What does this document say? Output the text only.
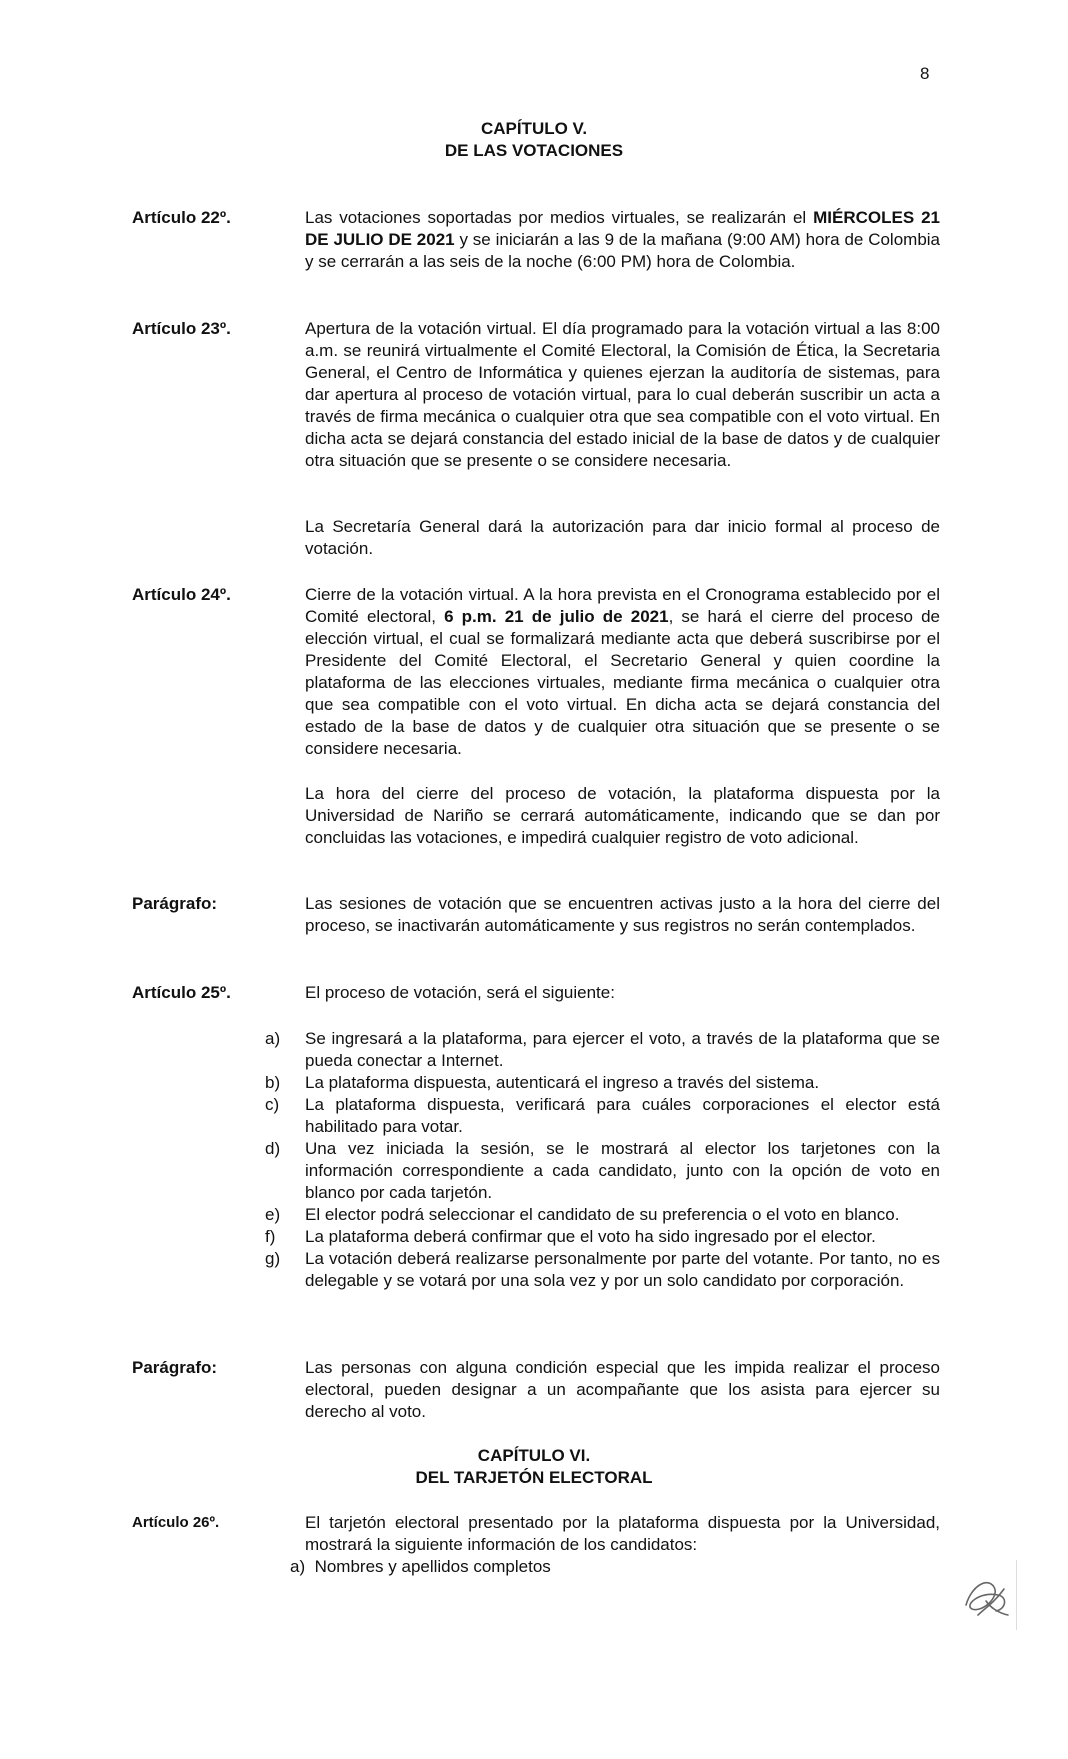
8
CAPÍTULO V.
DE LAS VOTACIONES
Artículo 22º.	Las votaciones soportadas por medios virtuales, se realizarán el MIÉRCOLES 21 DE JULIO DE 2021 y se iniciarán a las 9 de la mañana (9:00 AM) hora de Colombia y se cerrarán a las seis de la noche (6:00 PM) hora de Colombia.
Artículo 23º.	Apertura de la votación virtual. El día programado para la votación virtual a las 8:00 a.m. se reunirá virtualmente el Comité Electoral, la Comisión de Ética, la Secretaria General, el Centro de Informática y quienes ejerzan la auditoría de sistemas, para dar apertura al proceso de votación virtual, para lo cual deberán suscribir un acta a través de firma mecánica o cualquier otra que sea compatible con el voto virtual. En dicha acta se dejará constancia del estado inicial de la base de datos y de cualquier otra situación que se presente o se considere necesaria.
La Secretaría General dará la autorización para dar inicio formal al proceso de votación.
Artículo 24º.	Cierre de la votación virtual. A la hora prevista en el Cronograma establecido por el Comité electoral, 6 p.m. 21 de julio de 2021, se hará el cierre del proceso de elección virtual, el cual se formalizará mediante acta que deberá suscribirse por el Presidente del Comité Electoral, el Secretario General y quien coordine la plataforma de las elecciones virtuales, mediante firma mecánica o cualquier otra que sea compatible con el voto virtual. En dicha acta se dejará constancia del estado de la base de datos y de cualquier otra situación que se presente o se considere necesaria.
La hora del cierre del proceso de votación, la plataforma dispuesta por la Universidad de Nariño se cerrará automáticamente, indicando que se dan por concluidas las votaciones, e impedirá cualquier registro de voto adicional.
Parágrafo:	Las sesiones de votación que se encuentren activas justo a la hora del cierre del proceso, se inactivarán automáticamente y sus registros no serán contemplados.
Artículo 25º.	El proceso de votación, será el siguiente:
a) Se ingresará a la plataforma, para ejercer el voto, a través de la plataforma que se pueda conectar a Internet.
b) La plataforma dispuesta, autenticará el ingreso a través del sistema.
c) La plataforma dispuesta, verificará para cuáles corporaciones el elector está habilitado para votar.
d) Una vez iniciada la sesión, se le mostrará al elector los tarjetones con la información correspondiente a cada candidato, junto con la opción de voto en blanco por cada tarjetón.
e) El elector podrá seleccionar el candidato de su preferencia o el voto en blanco.
f) La plataforma deberá confirmar que el voto ha sido ingresado por el elector.
g) La votación deberá realizarse personalmente por parte del votante. Por tanto, no es delegable y se votará por una sola vez y por un solo candidato por corporación.
Parágrafo:	Las personas con alguna condición especial que les impida realizar el proceso electoral, pueden designar a un acompañante que los asista para ejercer su derecho al voto.
CAPÍTULO VI.
DEL TARJETÓN ELECTORAL
Artículo 26º.	El tarjetón electoral presentado por la plataforma dispuesta por la Universidad, mostrará la siguiente información de los candidatos:
a) Nombres y apellidos completos
